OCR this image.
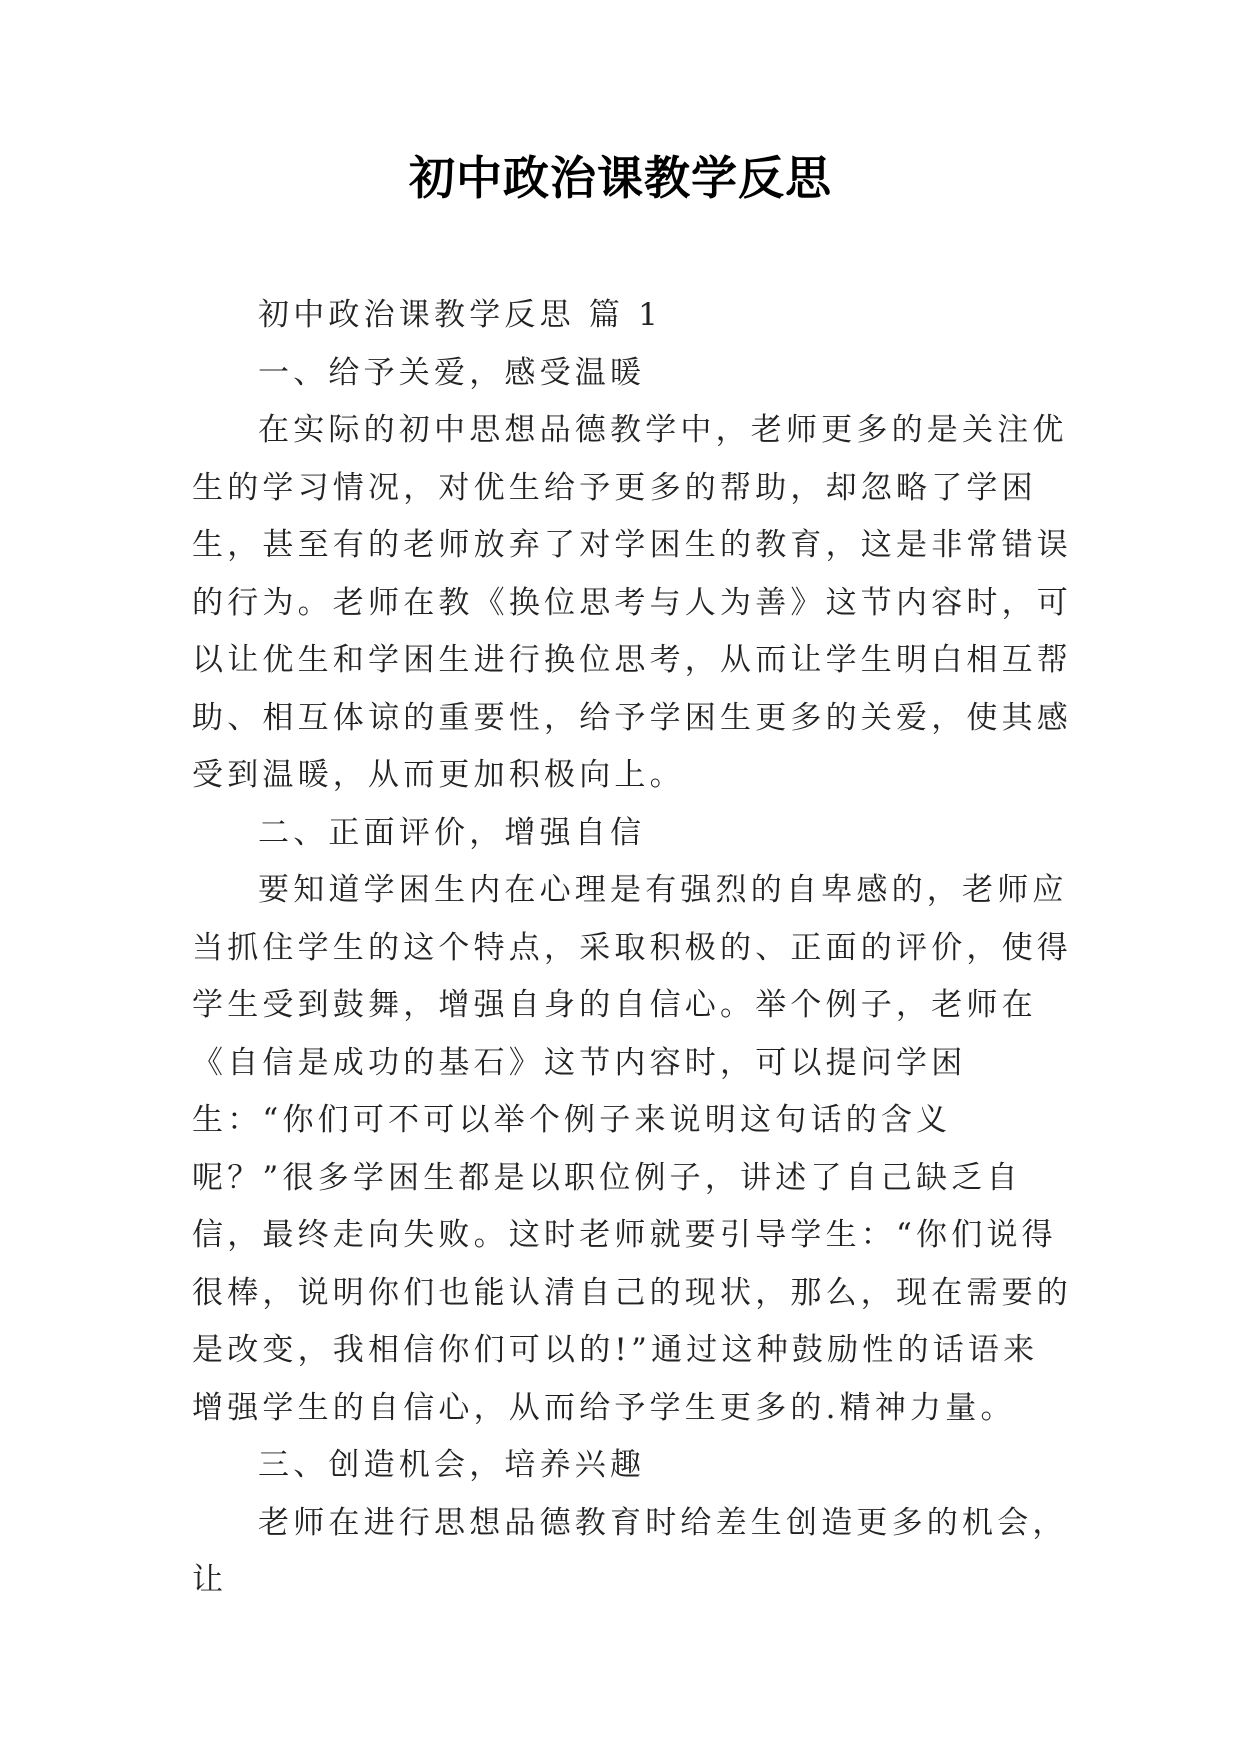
初中政治课教学反思

初中政治课教学反思 篇 1

一、给予关爱，感受温暖

在实际的初中思想品德教学中，老师更多的是关注优生的学习情况，对优生给予更多的帮助，却忽略了学困生，甚至有的老师放弃了对学困生的教育，这是非常错误的行为。老师在教《换位思考与人为善》这节内容时，可以让优生和学困生进行换位思考，从而让学生明白相互帮助、相互体谅的重要性，给予学困生更多的关爱，使其感受到温暖，从而更加积极向上。

二、正面评价，增强自信

要知道学困生内在心理是有强烈的自卑感的，老师应当抓住学生的这个特点，采取积极的、正面的评价，使得学生受到鼓舞，增强自身的自信心。举个例子，老师在《自信是成功的基石》这节内容时，可以提问学困生：“你们可不可以举个例子来说明这句话的含义呢？”很多学困生都是以职位例子，讲述了自己缺乏自信，最终走向失败。这时老师就要引导学生：“你们说得很棒，说明你们也能认清自己的现状，那么，现在需要的是改变，我相信你们可以的!”通过这种鼓励性的话语来增强学生的自信心，从而给予学生更多的.精神力量。

三、创造机会，培养兴趣

老师在进行思想品德教育时给差生创造更多的机会，让
